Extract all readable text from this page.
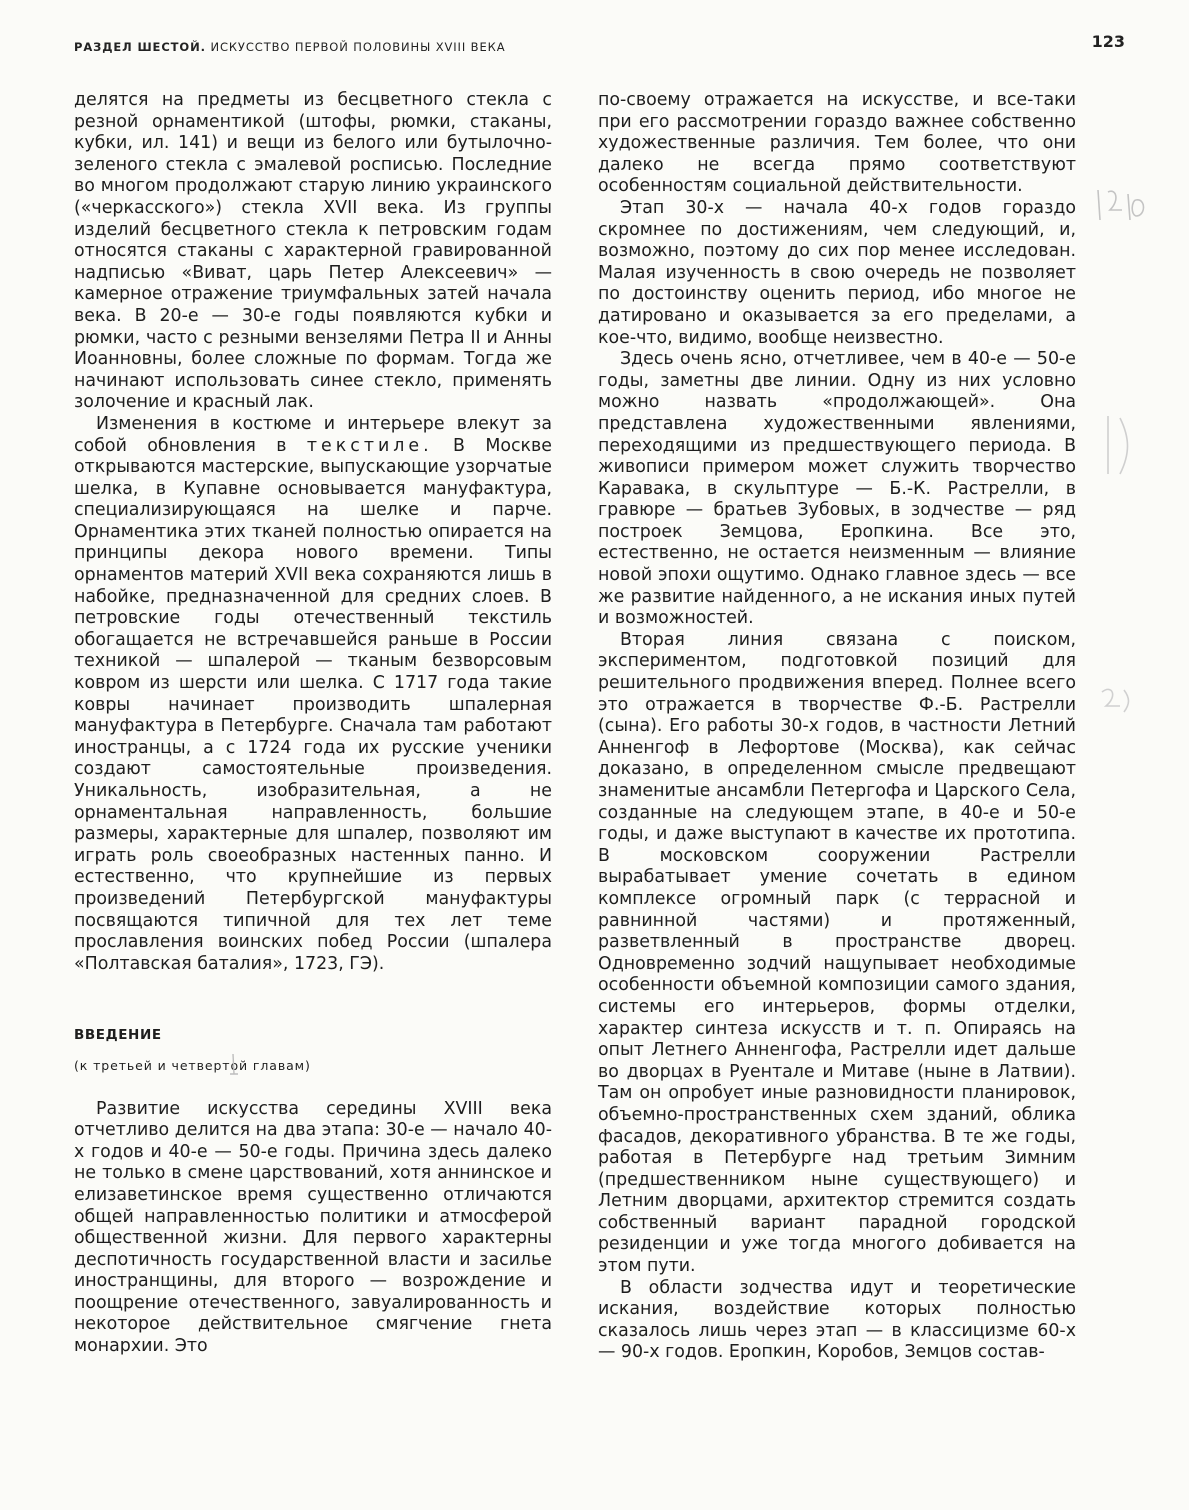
РАЗДЕЛ ШЕСТОЙ. ИСКУССТВО ПЕРВОЙ ПОЛОВИНЫ XVIII ВЕКА	123

делятся на предметы из бесцветного стекла с резной орнаментикой (штофы, рюмки, стаканы, кубки, ил. 141) и вещи из белого или бутылочно-зеленого стекла с эмалевой росписью. Последние во многом продолжают старую линию украинского («черкасского») стекла XVII века. Из группы изделий бесцветного стекла к петровским годам относятся стаканы с характерной гравированной надписью «Виват, царь Петер Алексеевич» — камерное отражение триумфальных затей начала века. В 20-е — 30-е годы появляются кубки и рюмки, часто с резными вензелями Петра II и Анны Иоанновны, более сложные по формам. Тогда же начинают использовать синее стекло, применять золочение и красный лак.

Изменения в костюме и интерьере влекут за собой обновления в текстиле. В Москве открываются мастерские, выпускающие узорчатые шелка, в Купавне основывается мануфактура, специализирующаяся на шелке и парче. Орнаментика этих тканей полностью опирается на принципы декора нового времени. Типы орнаментов материй XVII века сохраняются лишь в набойке, предназначенной для средних слоев. В петровские годы отечественный текстиль обогащается не встречавшейся раньше в России техникой — шпалерой — тканым безворсовым ковром из шерсти или шелка. С 1717 года такие ковры начинает производить шпалерная мануфактура в Петербурге. Сначала там работают иностранцы, а с 1724 года их русские ученики создают самостоятельные произведения. Уникальность, изобразительная, а не орнаментальная направленность, большие размеры, характерные для шпалер, позволяют им играть роль своеобразных настенных панно. И естественно, что крупнейшие из первых произведений Петербургской мануфактуры посвящаются типичной для тех лет теме прославления воинских побед России (шпалера «Полтавская баталия», 1723, ГЭ).

ВВЕДЕНИЕ
(к третьей и четвертой главам)

Развитие искусства середины XVIII века отчетливо делится на два этапа: 30-е — начало 40-х годов и 40-е — 50-е годы. Причина здесь далеко не только в смене царствований, хотя аннинское и елизаветинское время существенно отличаются общей направленностью политики и атмосферой общественной жизни. Для первого характерны деспотичность государственной власти и засилье иностранщины, для второго — возрождение и поощрение отечественного, завуалированность и некоторое действительное смягчение гнета монархии. Это

по-своему отражается на искусстве, и все-таки при его рассмотрении гораздо важнее собственно художественные различия. Тем более, что они далеко не всегда прямо соответствуют особенностям социальной действительности.

Этап 30-х — начала 40-х годов гораздо скромнее по достижениям, чем следующий, и, возможно, поэтому до сих пор менее исследован. Малая изученность в свою очередь не позволяет по достоинству оценить период, ибо многое не датировано и оказывается за его пределами, а кое-что, видимо, вообще неизвестно.

Здесь очень ясно, отчетливее, чем в 40-е — 50-е годы, заметны две линии. Одну из них условно можно назвать «продолжающей». Она представлена художественными явлениями, переходящими из предшествующего периода. В живописи примером может служить творчество Каравака, в скульптуре — Б.-К. Растрелли, в гравюре — братьев Зубовых, в зодчестве — ряд построек Земцова, Еропкина. Все это, естественно, не остается неизменным — влияние новой эпохи ощутимо. Однако главное здесь — все же развитие найденного, а не искания иных путей и возможностей.

Вторая линия связана с поиском, экспериментом, подготовкой позиций для решительного продвижения вперед. Полнее всего это отражается в творчестве Ф.-Б. Растрелли (сына). Его работы 30-х годов, в частности Летний Анненгоф в Лефортове (Москва), как сейчас доказано, в определенном смысле предвещают знаменитые ансамбли Петергофа и Царского Села, созданные на следующем этапе, в 40-е и 50-е годы, и даже выступают в качестве их прототипа. В московском сооружении Растрелли вырабатывает умение сочетать в едином комплексе огромный парк (с террасной и равнинной частями) и протяженный, разветвленный в пространстве дворец. Одновременно зодчий нащупывает необходимые особенности объемной композиции самого здания, системы его интерьеров, формы отделки, характер синтеза искусств и т. п. Опираясь на опыт Летнего Анненгофа, Растрелли идет дальше во дворцах в Руентале и Митаве (ныне в Латвии). Там он опробует иные разновидности планировок, объемно-пространственных схем зданий, облика фасадов, декоративного убранства. В те же годы, работая в Петербурге над третьим Зимним (предшественником ныне существующего) и Летним дворцами, архитектор стремится создать собственный вариант парадной городской резиденции и уже тогда многого добивается на этом пути.

В области зодчества идут и теоретические искания, воздействие которых полностью сказалось лишь через этап — в классицизме 60-х — 90-х годов. Еропкин, Коробов, Земцов состав-
